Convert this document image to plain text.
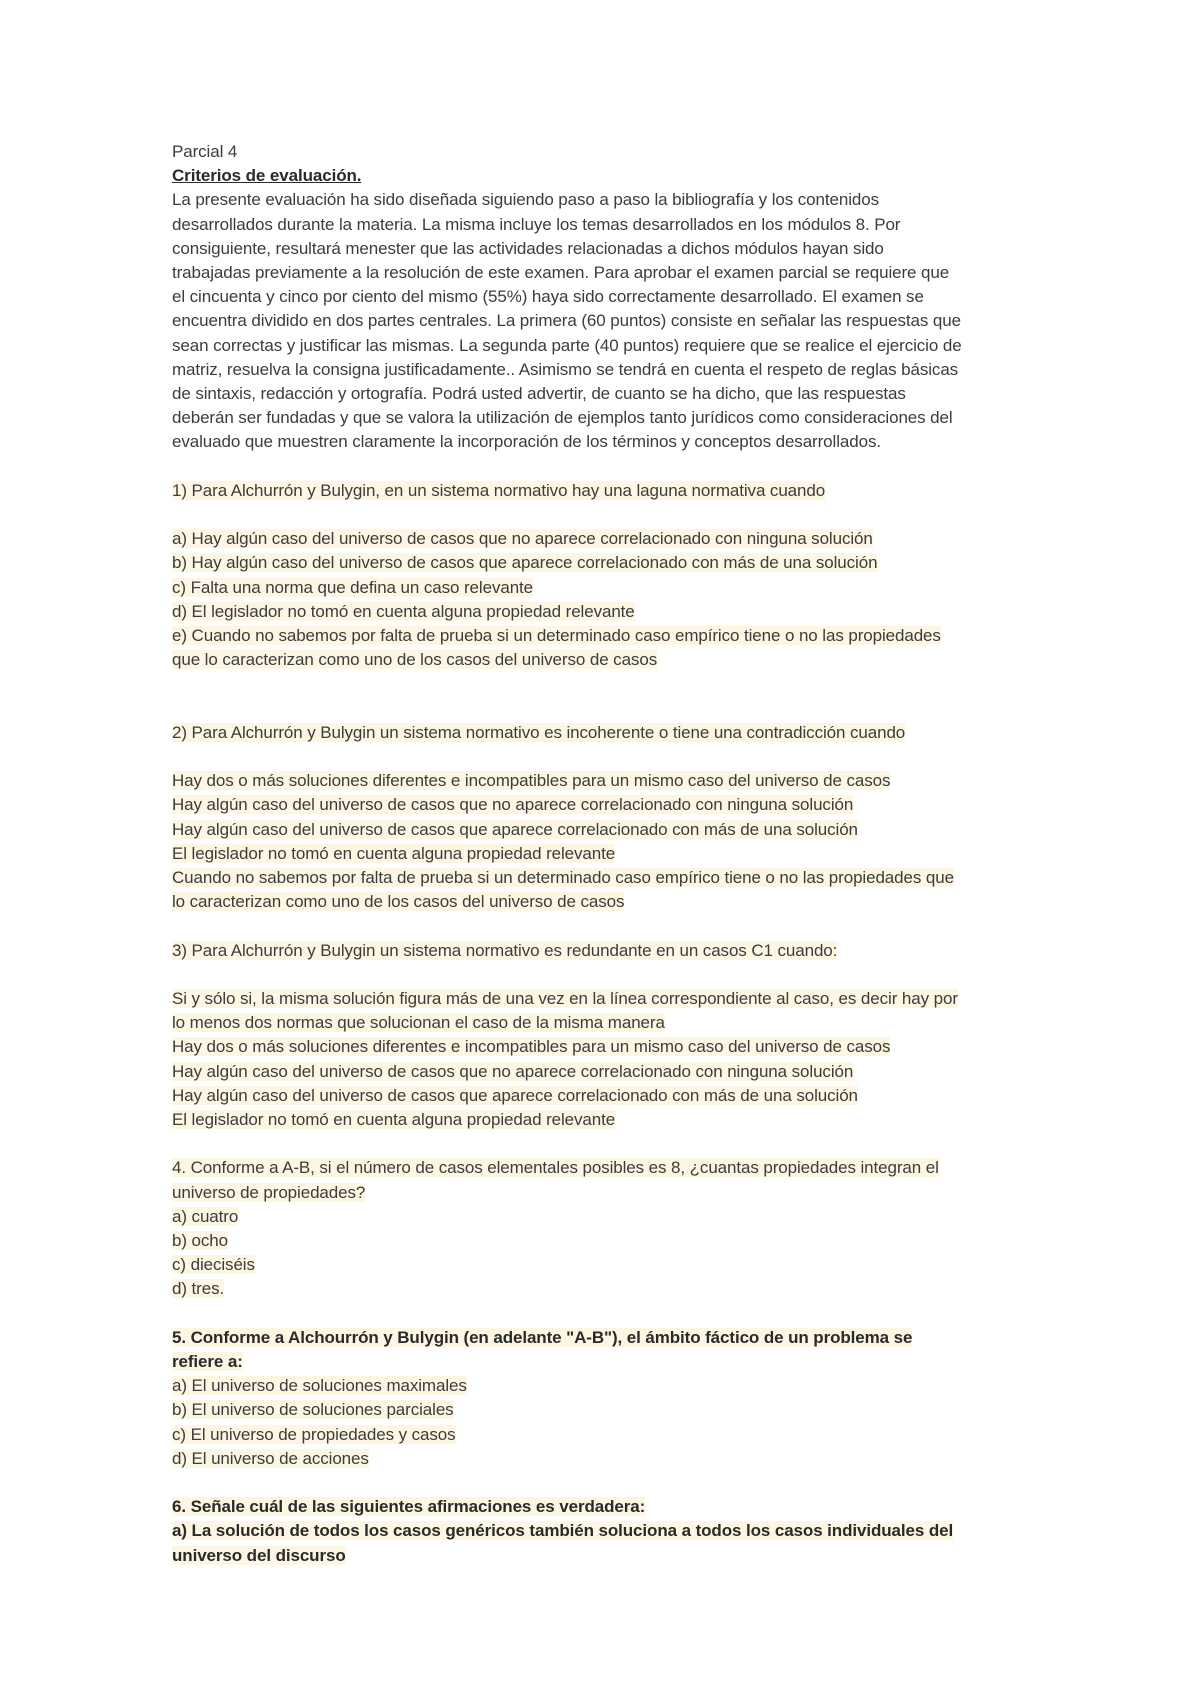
Parcial 4
Criterios de evaluación.
La presente evaluación ha sido diseñada siguiendo paso a paso la bibliografía y los contenidos
desarrollados durante la materia. La misma incluye los temas desarrollados en los módulos 8. Por
consiguiente, resultará menester que las actividades relacionadas a dichos módulos hayan sido
trabajadas previamente a la resolución de este examen. Para aprobar el examen parcial se requiere que
el cincuenta y cinco por ciento del mismo (55%) haya sido correctamente desarrollado. El examen se
encuentra dividido en dos partes centrales. La primera (60 puntos) consiste en señalar las respuestas que
sean correctas y justificar las mismas. La segunda parte (40 puntos) requiere que se realice el ejercicio de
matriz, resuelva la consigna justificadamente.. Asimismo se tendrá en cuenta el respeto de reglas básicas
de sintaxis, redacción y ortografía. Podrá usted advertir, de cuanto se ha dicho, que las respuestas
deberán ser fundadas y que se valora la utilización de ejemplos tanto jurídicos como consideraciones del
evaluado que muestren claramente la incorporación de los términos y conceptos desarrollados.
1) Para Alchurrón y Bulygin, en un sistema normativo hay una laguna normativa cuando
a) Hay algún caso del universo de casos que no aparece correlacionado con ninguna solución
b) Hay algún caso del universo de casos que aparece correlacionado con más de una solución
c) Falta una norma que defina un caso relevante
d) El legislador no tomó en cuenta alguna propiedad relevante
e) Cuando no sabemos por falta de prueba si un determinado caso empírico tiene o no las propiedades
que lo caracterizan como uno de los casos del universo de casos
2) Para Alchurrón y Bulygin un sistema normativo es incoherente o tiene una contradicción cuando
Hay dos o más soluciones diferentes e incompatibles para un mismo caso del universo de casos
Hay algún caso del universo de casos que no aparece correlacionado con ninguna solución
Hay algún caso del universo de casos que aparece correlacionado con más de una solución
El legislador no tomó en cuenta alguna propiedad relevante
Cuando no sabemos por falta de prueba si un determinado caso empírico tiene o no las propiedades que
lo caracterizan como uno de los casos del universo de casos
3) Para Alchurrón y Bulygin un sistema normativo es redundante en un casos C1 cuando:
Si y sólo si, la misma solución figura más de una vez en la línea correspondiente al caso, es decir hay por
lo menos dos normas que solucionan el caso de la misma manera
Hay dos o más soluciones diferentes e incompatibles para un mismo caso del universo de casos
Hay algún caso del universo de casos que no aparece correlacionado con ninguna solución
Hay algún caso del universo de casos que aparece correlacionado con más de una solución
El legislador no tomó en cuenta alguna propiedad relevante
4. Conforme a A-B, si el número de casos elementales posibles es 8, ¿cuantas propiedades integran el
universo de propiedades?
a) cuatro
b) ocho
c) dieciséis
d) tres.
5. Conforme a Alchourrón y Bulygin (en adelante "A-B"), el ámbito fáctico de un problema se
refiere a:
a) El universo de soluciones maximales
b) El universo de soluciones parciales
c) El universo de propiedades y casos
d) El universo de acciones
6. Señale cuál de las siguientes afirmaciones es verdadera:
a) La solución de todos los casos genéricos también soluciona a todos los casos individuales del
universo del discurso
